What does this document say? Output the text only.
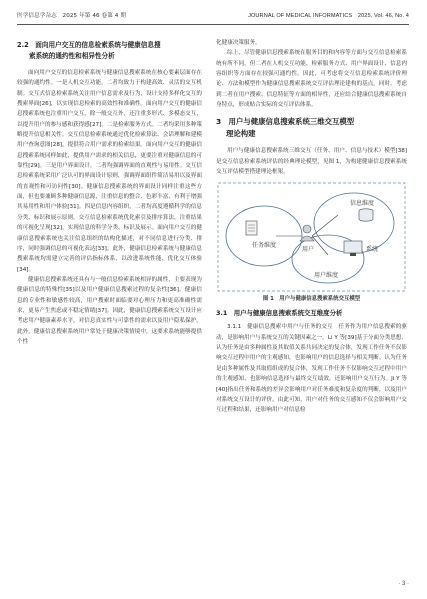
医学信息学杂志　2025 年第 46 卷第 4 期	JOURNAL OF MEDICAL INFORMATICS　2025, Vol. 46, No. 4
2.2　面向用户交互的信息检索系统与健康信息搜
索系统的通约性和相异性分析

面向用户交互的信息检索系统与健康信息搜索系统在核心要素层面存在较强的通约性。一是人机交互功能。二者均致力于构建高效、灵活的交互机制。交互式信息检索系统关注用户信息需求及行为，设计支持多样化交互的搜索界面[26]，以实现信息检索的高效性和准确性。面向用户交互的健康信息搜索系统也注重用户交互，除一般交互外，还注重多形式、多模态交互，以提升用户的参与感和获得感[27]。二是检索服务方式。二者均采用多种策略提升信息相关性。交互信息检索系统通过优化检索算法、会话理解和建模用户查询意图[28]，提供符合用户需求的检索结果。面向用户交互的健康信息搜索系统同样如此，提供用户需求的相关信息，更要注重对健康信息的可靠性[29]。三是用户界面设计。二者均强调界面的直观性与易用性。交互信息检索系统采用广泛认可的界面设计原则，强调界面组件简洁易用以及界面的直观性和可访问性[30]。健康信息搜索系统的界面设计同样注重这些方面，但也要兼顾多种健康信息源，注重信息的整合、色彩丰富、有利于增强其易用性和用户体验[31]。四是信息内容组织，二者均高度遵循科学的信息分类、标识和展示原则。交互信息检索系统优化索引及排序算法，注重结果的可视化呈现[32]，实现信息的科学分类、标识及展示。面向用户交互的健康信息搜索系统也关注信息组织的结构化描述，对不同信息进行分类、排序，同时强调信息的可视化表达[33]。此外，健康信息检索系统与健康信息搜索系统均需建立完善的评估指标体系，以改进系统性能、优化交互体验[34]。

健康信息搜索系统还具有与一般信息检索系统相异的属性，主要表现为健康信息的特殊性[35]以及用户健康信息搜索过程的复杂性[36]。健康信息的专业性和敏感性较高，用户搜索时面临要对心理压力和更高准确性需求，更易产生焦虑或不稳定情绪[37]。因此，健康信息搜索系统交互设计应考虑用户健康素养水平，对信息真实性与可靠性的需求以及用户隐私保护。此外，健康信息搜索系统用户常处于健康决策情境中，这要求系统能够提供个性

化健康决策服务。

综上，尽管健康信息搜索系统在服务目的和内容等方面与交互信息检索系统有所不同，但二者在人机交互功能、检索服务方式、用户界面设计、信息内容组织等方面存在较强可通约性。因此，可考虑将交互信息检索系统评价理论、方法和模型作为健康信息搜索系统交互评估理论建构的基点。同时，考虑到二者在用户搜索、信息特征等方面的相异性，还应结合健康信息搜索系统自身特点，形成贴合实际的交互评估体系。

3　用户与健康信息搜索系统三维交互模型
理论构建

用户与健康信息搜索系统三维交互（任务、用户、信息与技术）模型[38]是交互信息检索系统评估的经典理论模型，见图 1，为构建健康信息搜索系统交互评估模型搭建理论框架。

任务维度
用户
信息维度
系统
用户维度
图 1　用户与健康信息搜索系统交互模型
3.1　用户与健康信息搜索系统交互维度分析

3.1.1　健康信息搜索中用户与任务的交互　任务作为用户信息搜索的驱动，是影响用户与系统交互的关键因素之一。Li Y 等[39]基于分面分类思想，认为任务是由多种属性及其取值关系共同决定的复合体，发现工作任务不仅影响交互过程中用户的主观感知，也影响用户的信息选择与相关判断。认为任务是由多种属性及其取值组成的复合体，发现工作任务不仅影响交互过程中用户的主观感知，也影响信息选择与最终交互绩效。还影响用户交互行为。Ji Y 等[40]指出任务和系统的差异会影响用户对任务难度和复杂度的判断，以及用户对系统交互设计的评价。由此可知，用户对任务的交互感知不仅会影响用户交互过程和结果，还影响用户对信息检

· 3 ·
